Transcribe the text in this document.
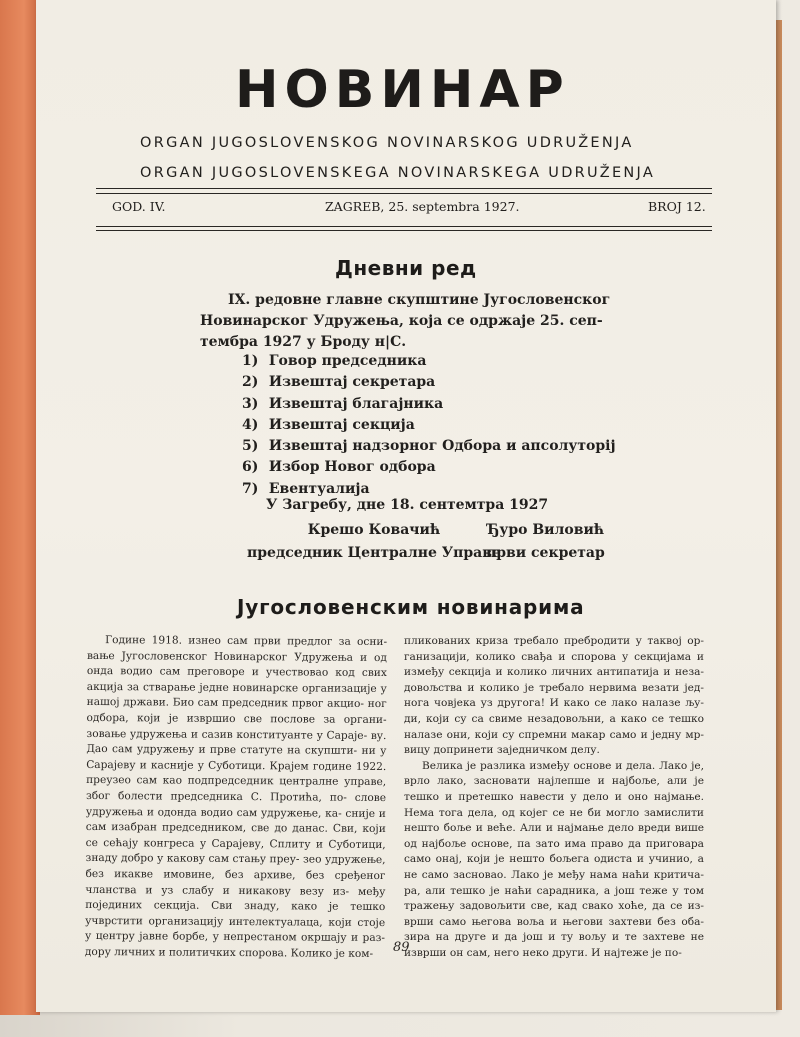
НОВИНАР
ORGAN JUGOSLOVENSKOG NOVINARSKOG UDRUŽENJA
ORGAN JUGOSLOVENSKEGA NOVINARSKEGA UDRUŽENJA
GOD. IV.	ZAGREB, 25. septembra 1927.	BROJ 12.
Дневни ред
IX. редовне главне скупштине Југословенског
Новинарског Удружења, која се одржаје 25. сеп-
тембра 1927 у Броду н|С.
1) Говор председника
2) Извештај секретара
3) Извештај благајника
4) Извештај секција
5) Извештај надзорног Одбора и апсолуторij
6) Избор Новог одбора
7) Евентуалија
У Загребу, дне 18. сентемтра 1927
Крешо Ковачић
председник Централне Управе
Ђуро Виловић
први секретар
Југословенским новинарима

Године 1918. изнео сам први предлог за осни- вање Југословенског Новинарског Удружења и од онда водио сам преговоре и учествовао код свих акција за стварање једне новинарске организације у нашој држави. Био сам председник првог акцио- ног одбора, који је извршио све послове за органи- зовање удружења и сазив конституанте у Сараје- ву. Дао сам удружењу и прве статуте на скупшти- ни у Сарајеву и касније у Суботици. Крајем године 1922. преузео сам као подпредседник централне управе, због болести председника С. Протића, по- слове удружења и одонда водио сам удружење, ка- сније и сам изабран председником, све до данас. Сви, који се сећају конгреса у Сарајеву, Сплиту и Суботици, знаду добро у какову сам стању преу- зео удружење, без икакве имовине, без архиве, без сређеног чланства и уз слабу и никакову везу из- међу појединих секција. Сви знаду, како је тешко учврстити организацију интелектуалаца, који стоје у центру јавне борбе, у непрестаном окршају и раз- дору личних и политичких спорова. Колико је ком-

пликованих криза требало пребродити у таквој ор- ганизацији, колико свађа и спорова у секцијама и између секција и колико личних антипатија и неза- довољства и колико је требало нервима везати јед- нога човјека уз другога! И како се лако налазе љу- ди, који су са свиме незадовољни, а како се тешко налазе они, који су спремни макар само и једну мр- вицу допринети заједничком делу.

Велика је разлика између основе и дела. Лако је, врло лако, засновати најлепше и најбоље, али је тешко и претешко навести у дело и оно најмање. Нема тога дела, од којег се не би могло замислити нешто боље и веће. Али и најмање дело вреди више од најбоље основе, па зато има право да приговара само онај, који је нешто бољега одиста и учинио, а не само засновао. Лако је међу нама наћи критича- ра, али тешко је наћи сарадника, а још теже у том тражењу задовољити све, кад свако хоће, да се из- врши само његова воља и његови захтеви без оба- зира на друге и да још и ту вољу и те захтеве не изврши он сам, него неко други. И најтеже је по-

89
